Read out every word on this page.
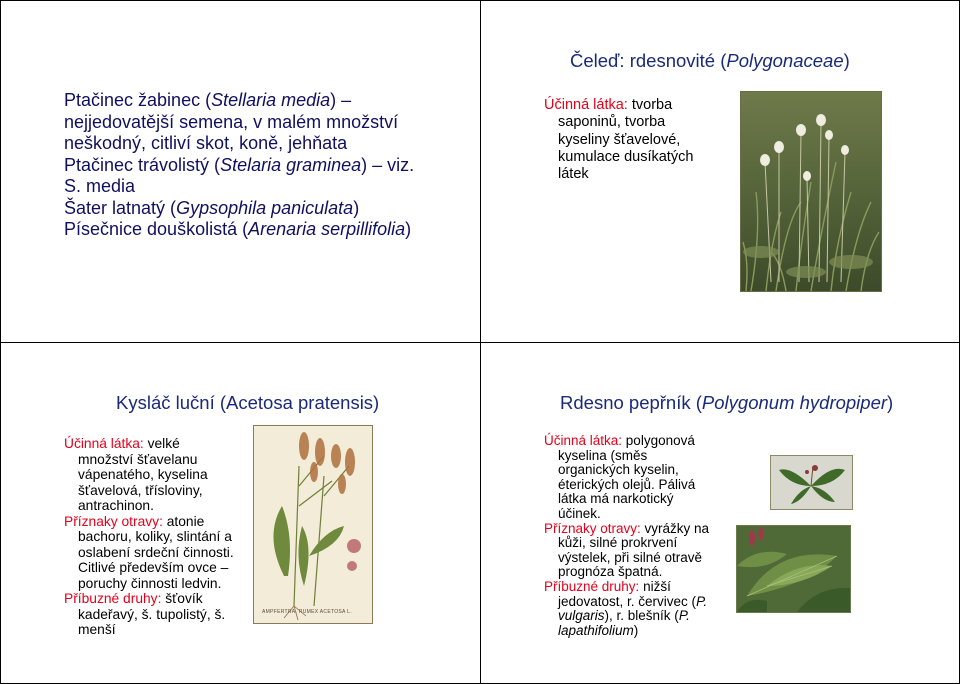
Ptačinec žabinec (Stellaria media) –
nejjedovatější semena, v malém množství
neškodný, citliví skot, koně, jehňata
Ptačinec trávolistý (Stelaria graminea) – viz.
S. media
Šater latnatý (Gypsophila paniculata)
Písečnice douškolistá (Arenaria serpillifolia)
Čeleď: rdesnovité (Polygonaceae)
Účinná látka: tvorba
saponinů, tvorba
kyseliny šťavelové,
kumulace dusíkatých
látek
Kysláč luční (Acetosa pratensis)
Účinná látka: velké
množství šťavelanu
vápenatého, kyselina
šťavelová, třísloviny,
antrachinon.
Příznaky otravy: atonie
bachoru, koliky, slintání a
oslabení srdeční činnosti.
Citlivé především ovce –
poruchy činnosti ledvin.
Příbuzné druhy: šťovík
kadeřavý, š. tupolistý, š.
menší
AMPFERTRA. RUMEX ACETOSA L.
Rdesno pepřník (Polygonum hydropiper)
Účinná látka: polygonová
kyselina (směs
organických kyselin,
éterických olejů. Pálivá
látka má narkotický
účinek.
Příznaky otravy: vyrážky na
kůži, silné prokrvení
výstelek, při silné otravě
prognóza špatná.
Příbuzné druhy: nižší
jedovatost, r. červivec (P.
vulgaris), r. blešník (P.
lapathifolium)
